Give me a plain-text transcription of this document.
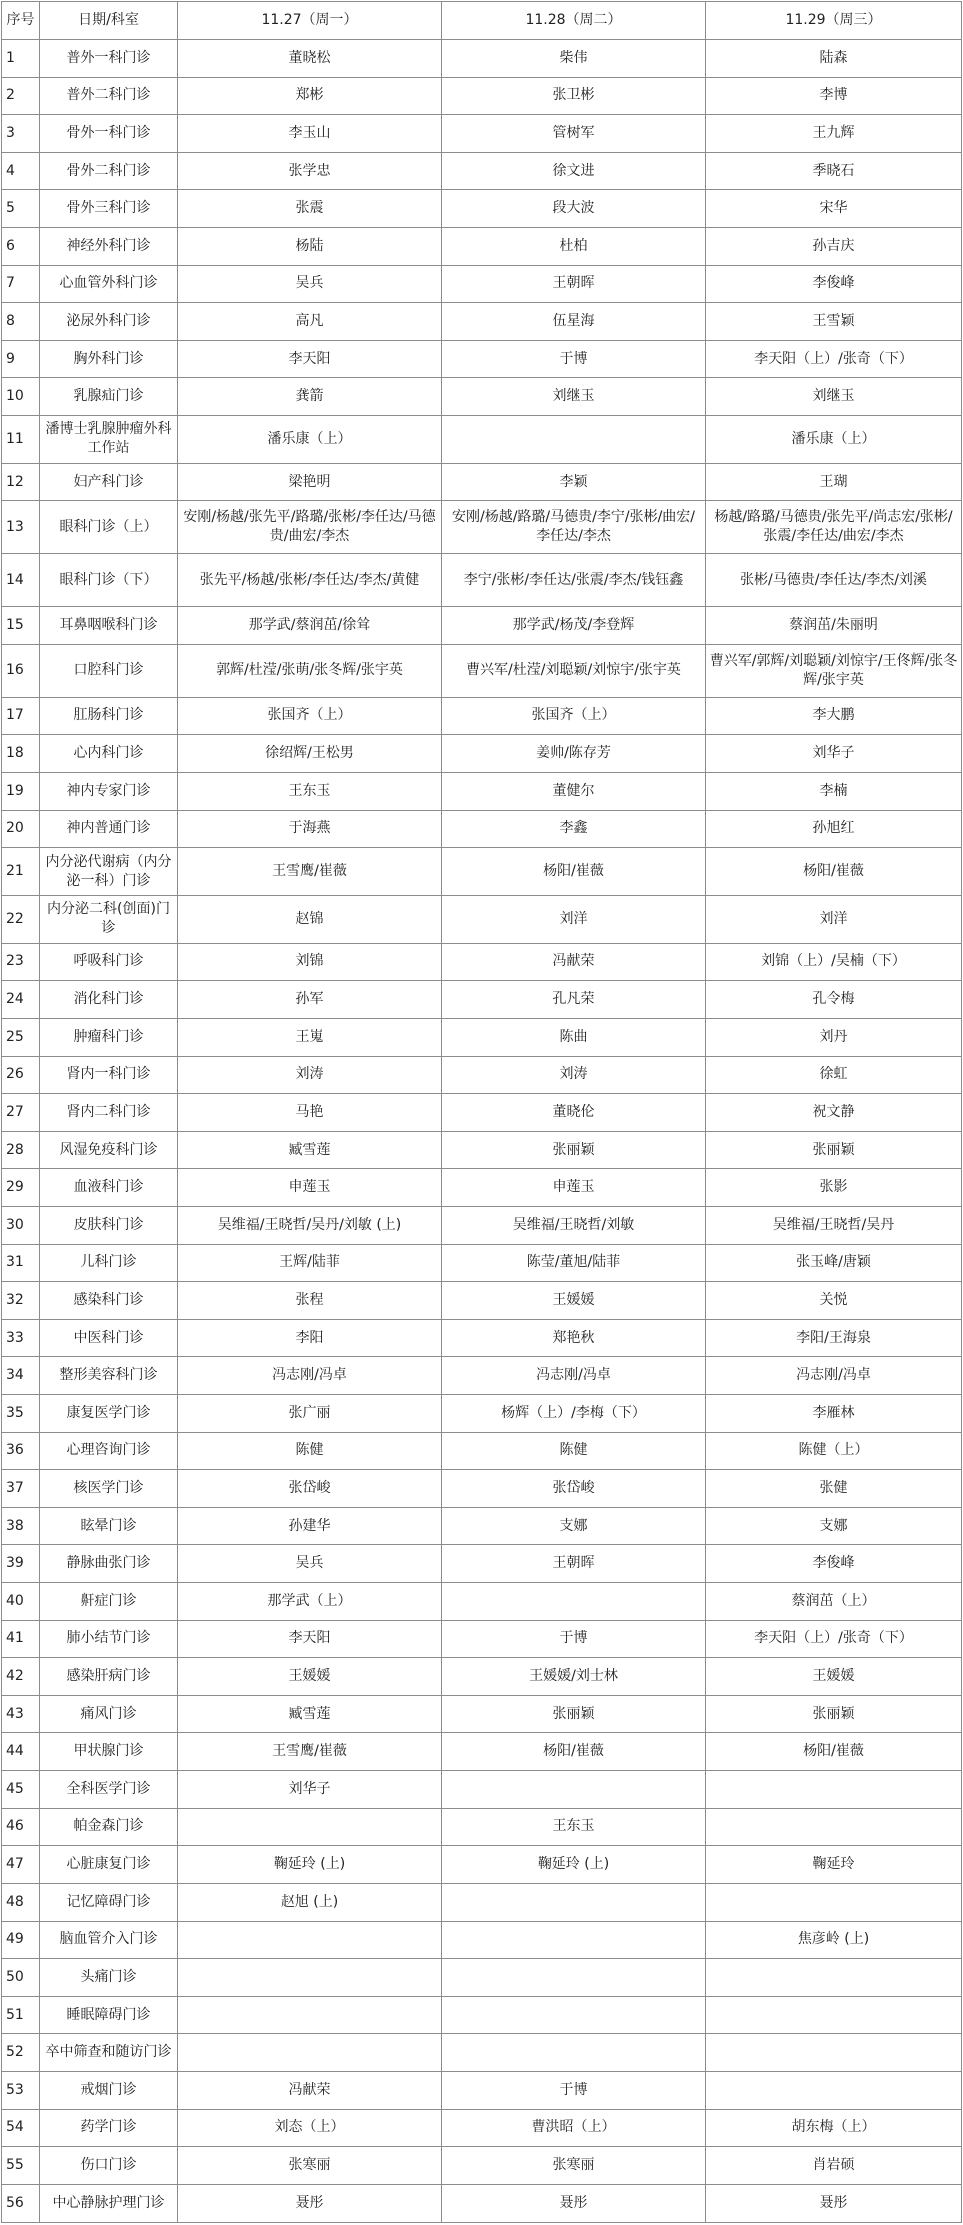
序号	日期/科室	11.27（周一）	11.28（周二）	11.29（周三）
1	普外一科门诊	董晓松	柴伟	陆森
2	普外二科门诊	郑彬	张卫彬	李博
3	骨外一科门诊	李玉山	管树军	王九辉
4	骨外二科门诊	张学忠	徐文进	季晓石
5	骨外三科门诊	张震	段大波	宋华
6	神经外科门诊	杨陆	杜柏	孙吉庆
7	心血管外科门诊	吴兵	王朝晖	李俊峰
8	泌尿外科门诊	高凡	伍星海	王雪颖
9	胸外科门诊	李天阳	于博	李天阳（上）/张奇（下）
10	乳腺疝门诊	龚箭	刘继玉	刘继玉
11	潘博士乳腺肿瘤外科工作站	潘乐康（上）		潘乐康（上）
12	妇产科门诊	梁艳明	李颖	王瑚
13	眼科门诊（上）	安刚/杨越/张先平/路璐/张彬/李任达/马德贵/曲宏/李杰	安刚/杨越/路璐/马德贵/李宁/张彬/曲宏/李任达/李杰	杨越/路璐/马德贵/张先平/尚志宏/张彬/张震/李任达/曲宏/李杰
14	眼科门诊（下）	张先平/杨越/张彬/李任达/李杰/黄健	李宁/张彬/李任达/张震/李杰/钱钰鑫	张彬/马德贵/李任达/李杰/刘溪
15	耳鼻咽喉科门诊	那学武/蔡润茁/徐耸	那学武/杨茂/李登辉	蔡润茁/朱丽明
16	口腔科门诊	郭辉/杜滢/张萌/张冬辉/张宇英	曹兴军/杜滢/刘聪颖/刘惊宇/张宇英	曹兴军/郭辉/刘聪颖/刘惊宇/王佟辉/张冬辉/张宇英
17	肛肠科门诊	张国齐（上）	张国齐（上）	李大鹏
18	心内科门诊	徐绍辉/王松男	姜帅/陈存芳	刘华子
19	神内专家门诊	王东玉	董健尔	李楠
20	神内普通门诊	于海燕	李鑫	孙旭红
21	内分泌代谢病（内分泌一科）门诊	王雪鹰/崔薇	杨阳/崔薇	杨阳/崔薇
22	内分泌二科(创面)门诊	赵锦	刘洋	刘洋
23	呼吸科门诊	刘锦	冯献荣	刘锦（上）/吴楠（下）
24	消化科门诊	孙军	孔凡荣	孔令梅
25	肿瘤科门诊	王嵬	陈曲	刘丹
26	肾内一科门诊	刘涛	刘涛	徐虹
27	肾内二科门诊	马艳	董晓伦	祝文静
28	风湿免疫科门诊	臧雪莲	张丽颖	张丽颖
29	血液科门诊	申莲玉	申莲玉	张影
30	皮肤科门诊	吴维福/王晓哲/吴丹/刘敏 (上)	吴维福/王晓哲/刘敏	吴维福/王晓哲/吴丹
31	儿科门诊	王辉/陆菲	陈莹/董旭/陆菲	张玉峰/唐颖
32	感染科门诊	张程	王媛媛	关悦
33	中医科门诊	李阳	郑艳秋	李阳/王海泉
34	整形美容科门诊	冯志刚/冯卓	冯志刚/冯卓	冯志刚/冯卓
35	康复医学门诊	张广丽	杨辉（上）/李梅（下）	李雁林
36	心理咨询门诊	陈健	陈健	陈健（上）
37	核医学门诊	张岱峻	张岱峻	张健
38	眩晕门诊	孙建华	支娜	支娜
39	静脉曲张门诊	吴兵	王朝晖	李俊峰
40	鼾症门诊	那学武（上）		蔡润茁（上）
41	肺小结节门诊	李天阳	于博	李天阳（上）/张奇（下）
42	感染肝病门诊	王媛媛	王媛媛/刘士林	王媛媛
43	痛风门诊	臧雪莲	张丽颖	张丽颖
44	甲状腺门诊	王雪鹰/崔薇	杨阳/崔薇	杨阳/崔薇
45	全科医学门诊	刘华子		
46	帕金森门诊		王东玉	
47	心脏康复门诊	鞠延玲 (上)	鞠延玲 (上)	鞠延玲
48	记忆障碍门诊	赵旭 (上)		
49	脑血管介入门诊			焦彦岭 (上)
50	头痛门诊			
51	睡眠障碍门诊			
52	卒中筛查和随访门诊			
53	戒烟门诊	冯献荣	于博	
54	药学门诊	刘态（上）	曹洪昭（上）	胡东梅（上）
55	伤口门诊	张寒丽	张寒丽	肖岩硕
56	中心静脉护理门诊	聂彤	聂彤	聂彤
